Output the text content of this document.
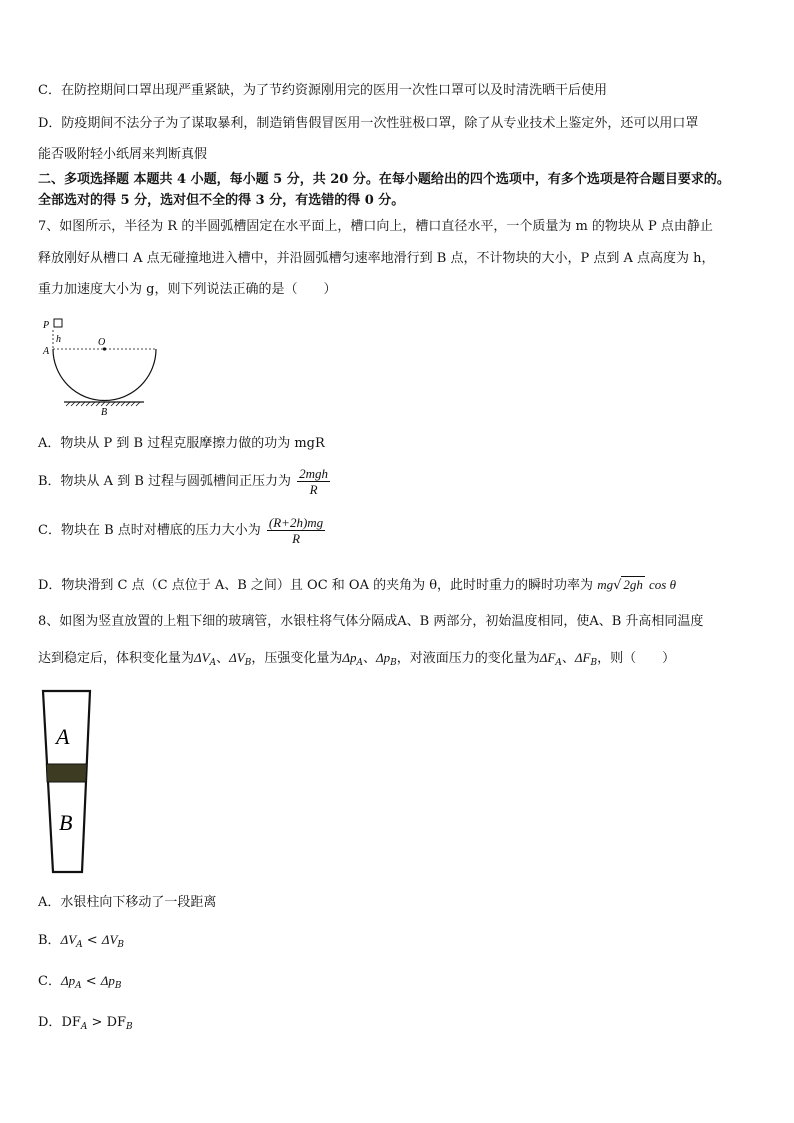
C．在防控期间口罩出现严重紧缺，为了节约资源刚用完的医用一次性口罩可以及时清洗晒干后使用
D．防疫期间不法分子为了谋取暴利，制造销售假冒医用一次性驻极口罩，除了从专业技术上鉴定外，还可以用口罩
能否吸附轻小纸屑来判断真假
二、多项选择题 本题共 4 小题，每小题 5 分，共 20 分。在每小题给出的四个选项中，有多个选项是符合题目要求的。
全部选对的得 5 分，选对但不全的得 3 分，有选错的得 0 分。
7、如图所示，半径为 R 的半圆弧槽固定在水平面上，槽口向上，槽口直径水平，一个质量为 m 的物块从 P 点由静止
释放刚好从槽口 A 点无碰撞地进入槽中，并沿圆弧槽匀速率地滑行到 B 点，不计物块的大小，P 点到 A 点高度为 h，
重力加速度大小为 g，则下列说法正确的是（　　）
P
h
A
O
B
A．物块从 P 到 B 过程克服摩擦力做的功为 mgR
B．物块从 A 到 B 过程与圆弧槽间正压力为 $\frac{\text{2mgh}}{R}$
C．物块在 B 点时对槽底的压力大小为 $\frac{(R+2h)mg}{R}$
D．物块滑到 C 点（C 点位于 A、B 之间）且 OC 和 OA 的夹角为 θ，此时时重力的瞬时功率为 mg√ 2gh cos θ
8、如图为竖直放置的上粗下细的玻璃管，水银柱将气体分隔成A、B 两部分，初始温度相同，使A、B 升高相同温度
达到稳定后，体积变化量为$\Delta V_A$、$\Delta V_B$，压强变化量为$\Delta p_A$、$\Delta p_B$，对液面压力的变化量为$\Delta F_A$、$\Delta F_B$，则（　　）
A
B
A．水银柱向下移动了一段距离
B．$\Delta V_A < \Delta V_B$
C．$\Delta p_A < \Delta p_B$
D．$DF_A > DF_B$
